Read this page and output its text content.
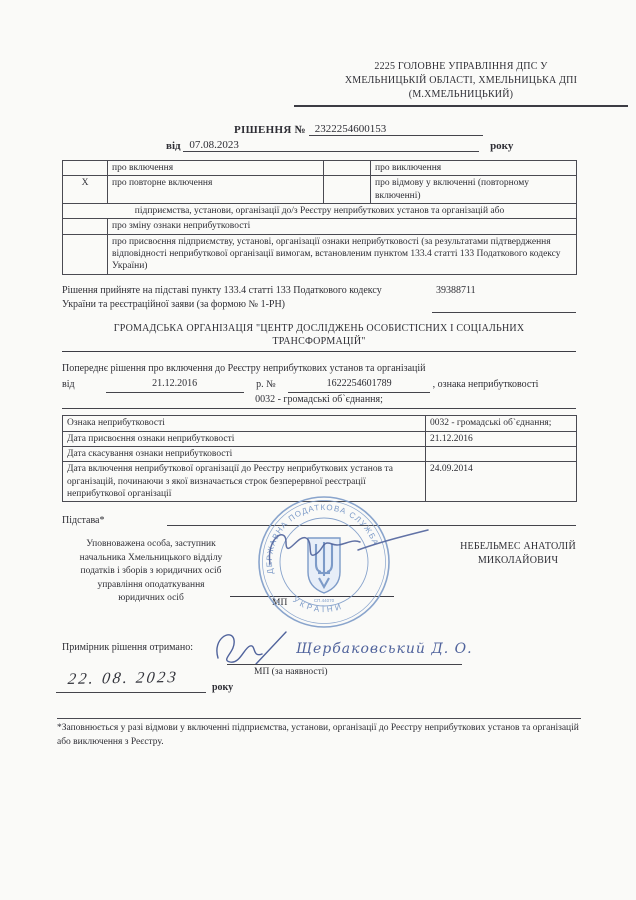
2225 ГОЛОВНЕ УПРАВЛІННЯ ДПС У
ХМЕЛЬНИЦЬКІЙ ОБЛАСТІ, ХМЕЛЬНИЦЬКА ДПІ
(М.ХМЕЛЬНИЦЬКИЙ)
РІШЕННЯ № 2322254600153
від 07.08.2023	року
	про включення		про виключення
X	про повторне включення		про відмову у включенні (повторному включенні)
підприємства, установи, організації до/з Реєстру неприбуткових установ та організацій або			
	про зміну ознаки неприбутковості		
	про присвоєння підприємству, установі, організації ознаки неприбутковості (за результатами підтвердження відповідності неприбуткової організації вимогам, встановленим пунктом 133.4 статті 133 Податкового кодексу України)		
Рішення прийняте на підставі пункту 133.4 статті 133 Податкового кодексу України та реєстраційної заяви (за формою № 1-РН)
39388711
ГРОМАДСЬКА ОРГАНІЗАЦІЯ "ЦЕНТР ДОСЛІДЖЕНЬ ОСОБИСТІСНИХ І СОЦІАЛЬНИХ ТРАНСФОРМАЦІЙ"
Попереднє рішення про включення до Реєстру неприбуткових установ та організацій
від	21.12.2016	р. №	1622254601789	, ознака неприбутковості
0032 - громадські об`єднання;
Ознака неприбутковості	0032 - громадські об`єднання;
Дата присвоєння ознаки неприбутковості	21.12.2016
Дата скасування ознаки неприбутковості	
Дата включення неприбуткової організації до Реєстру неприбуткових установ та організацій, починаючи з якої визначається строк безперервної реєстрації неприбуткової організації	24.09.2014
Підстава*
Уповноважена особа, заступник начальника Хмельницького відділу податків і зборів з юридичних осіб управління оподаткування юридичних осіб
НЕБЕЛЬМЕС АНАТОЛІЙ МИКОЛАЙОВИЧ
МП
ДЕРЖАВНА ПОДАТКОВА СЛУЖБА
УКРАЇНИ
СП.44070
Примірник рішення отримано:	Щербаковський Д. О.
МП (за наявності)
22. 08. 2023	року
*Заповнюється у разі відмови у включенні підприємства, установи, організації до Реєстру неприбуткових установ та організацій або виключення з Реєстру.
